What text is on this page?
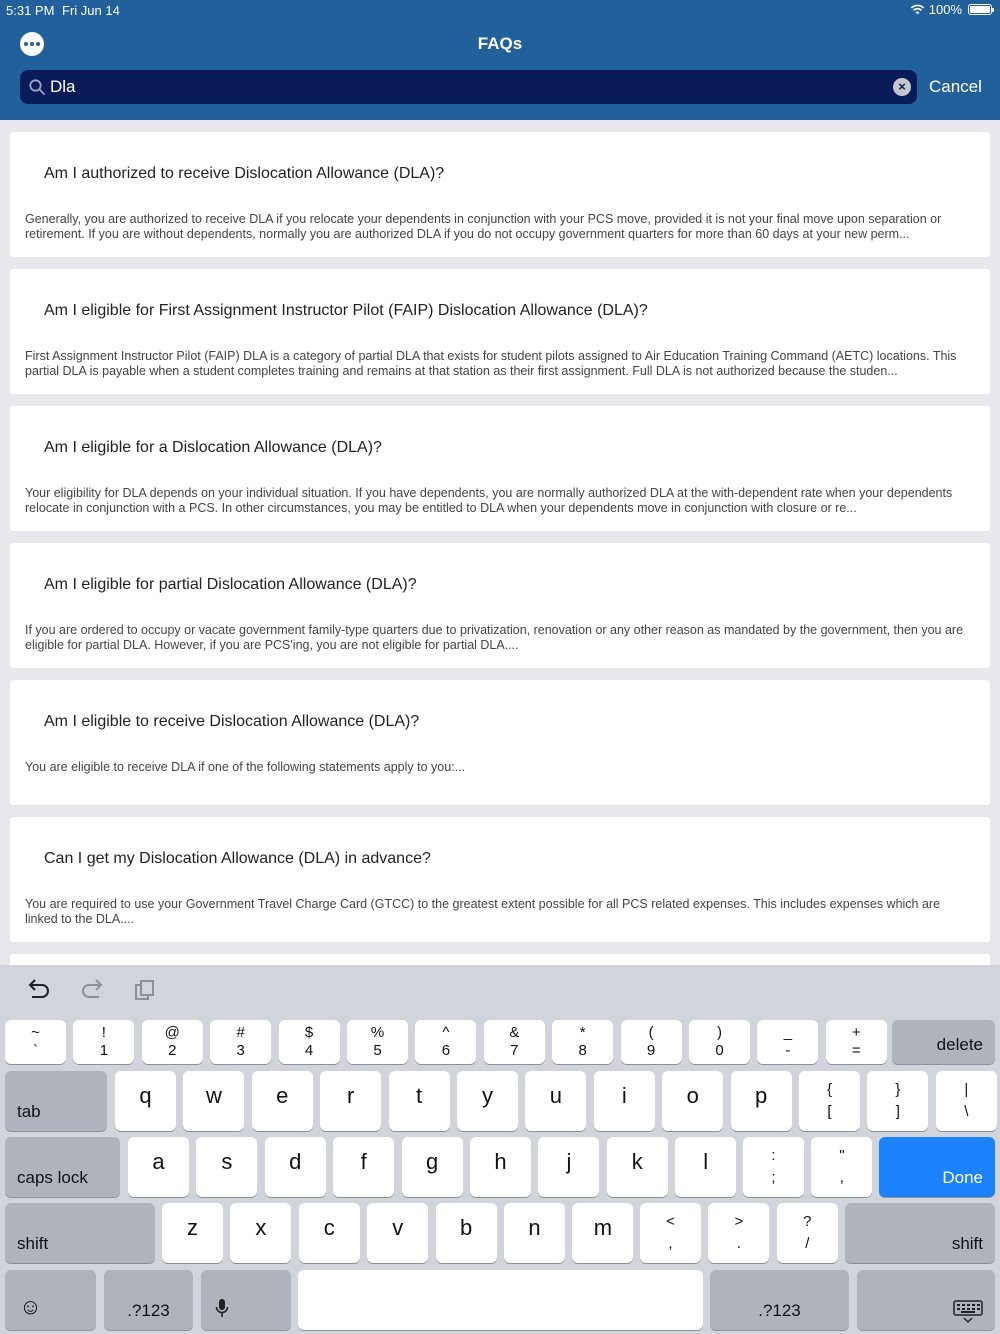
5:31 PM Fri Jun 14	100%
FAQs
Dla
×	Cancel
Am I authorized to receive Dislocation Allowance (DLA)?
Generally, you are authorized to receive DLA if you relocate your dependents in conjunction with your PCS move, provided it is not your final move upon separation or retirement. If you are without dependents, normally you are authorized DLA if you do not occupy government quarters for more than 60 days at your new perm...
Am I eligible for First Assignment Instructor Pilot (FAIP) Dislocation Allowance (DLA)?
First Assignment Instructor Pilot (FAIP) DLA is a category of partial DLA that exists for student pilots assigned to Air Education Training Command (AETC) locations. This partial DLA is payable when a student completes training and remains at that station as their first assignment. Full DLA is not authorized because the studen...
Am I eligible for a Dislocation Allowance (DLA)?
Your eligibility for DLA depends on your individual situation. If you have dependents, you are normally authorized DLA at the with-dependent rate when your dependents relocate in conjunction with a PCS. In other circumstances, you may be entitled to DLA when your dependents move in conjunction with closure or re...
Am I eligible for partial Dislocation Allowance (DLA)?
If you are ordered to occupy or vacate government family-type quarters due to privatization, renovation or any other reason as mandated by the government, then you are eligible for partial DLA. However, if you are PCS'ing, you are not eligible for partial DLA....
Am I eligible to receive Dislocation Allowance (DLA)?
You are eligible to receive DLA if one of the following statements apply to you:...
Can I get my Dislocation Allowance (DLA) in advance?
You are required to use your Government Travel Charge Card (GTCC) to the greatest extent possible for all PCS related expenses. This includes expenses which are linked to the DLA....
~
`
!
1
@
2
#
3
$
4
%
5
^
6
&
7
*
8
(
9
)
0
_
-
+
=	delete
tab
q	w	e	r	t	y	u	i	o	p	{
[
}
]
|
\
caps lock
a	s	d	f	g	h	j	k	l	:
;
"
,	Done
shift
z	x	c	v	b	n	m	<
,
>
.
?
/	shift
☺	.?123	.?123
